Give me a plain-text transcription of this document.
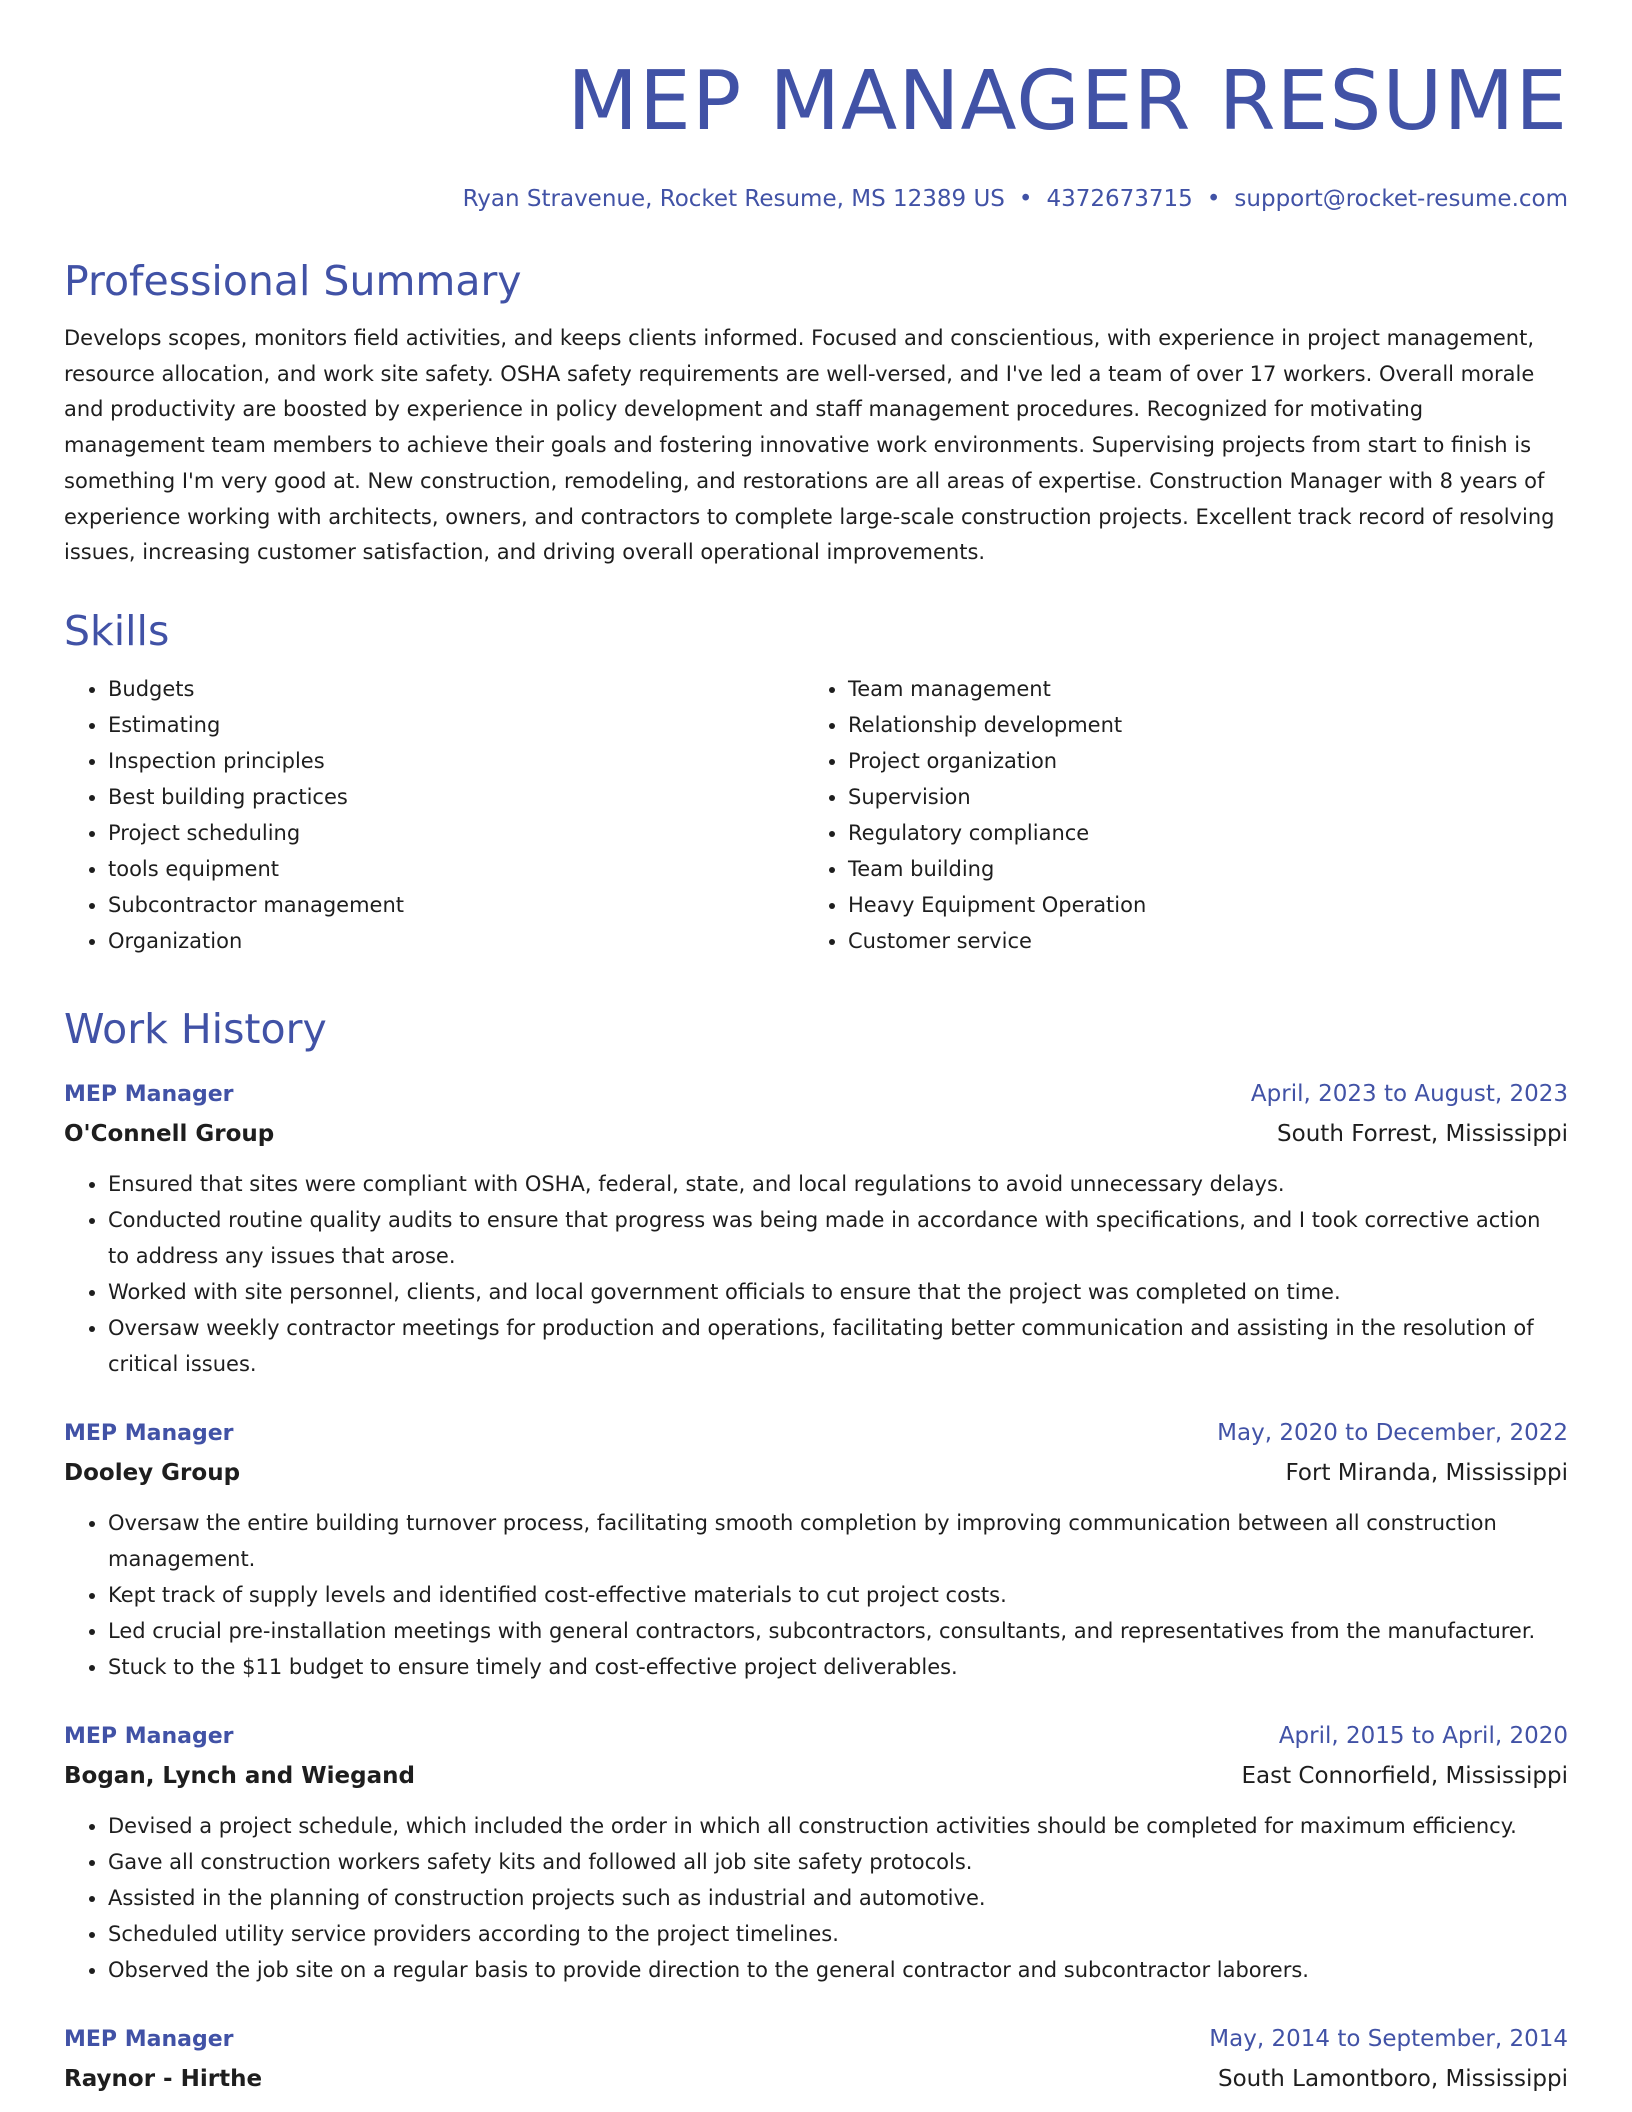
MEP MANAGER RESUME
Ryan Stravenue, Rocket Resume, MS 12389 US • 4372673715 • support@rocket-resume.com
Professional Summary
Develops scopes, monitors field activities, and keeps clients informed. Focused and conscientious, with experience in project management, resource allocation, and work site safety. OSHA safety requirements are well-versed, and I've led a team of over 17 workers. Overall morale and productivity are boosted by experience in policy development and staff management procedures. Recognized for motivating management team members to achieve their goals and fostering innovative work environments. Supervising projects from start to finish is something I'm very good at. New construction, remodeling, and restorations are all areas of expertise. Construction Manager with 8 years of experience working with architects, owners, and contractors to complete large-scale construction projects. Excellent track record of resolving issues, increasing customer satisfaction, and driving overall operational improvements.
Skills
• Budgets
• Estimating
• Inspection principles
• Best building practices
• Project scheduling
• tools equipment
• Subcontractor management
• Organization
• Team management
• Relationship development
• Project organization
• Supervision
• Regulatory compliance
• Team building
• Heavy Equipment Operation
• Customer service
Work History
MEP Manager	April, 2023 to August, 2023
O'Connell Group	South Forrest, Mississippi
• Ensured that sites were compliant with OSHA, federal, state, and local regulations to avoid unnecessary delays.
• Conducted routine quality audits to ensure that progress was being made in accordance with specifications, and I took corrective action to address any issues that arose.
• Worked with site personnel, clients, and local government officials to ensure that the project was completed on time.
• Oversaw weekly contractor meetings for production and operations, facilitating better communication and assisting in the resolution of critical issues.
MEP Manager	May, 2020 to December, 2022
Dooley Group	Fort Miranda, Mississippi
• Oversaw the entire building turnover process, facilitating smooth completion by improving communication between all construction management.
• Kept track of supply levels and identified cost-effective materials to cut project costs.
• Led crucial pre-installation meetings with general contractors, subcontractors, consultants, and representatives from the manufacturer.
• Stuck to the $11 budget to ensure timely and cost-effective project deliverables.
MEP Manager	April, 2015 to April, 2020
Bogan, Lynch and Wiegand	East Connorfield, Mississippi
• Devised a project schedule, which included the order in which all construction activities should be completed for maximum efficiency.
• Gave all construction workers safety kits and followed all job site safety protocols.
• Assisted in the planning of construction projects such as industrial and automotive.
• Scheduled utility service providers according to the project timelines.
• Observed the job site on a regular basis to provide direction to the general contractor and subcontractor laborers.
MEP Manager	May, 2014 to September, 2014
Raynor - Hirthe	South Lamontboro, Mississippi
